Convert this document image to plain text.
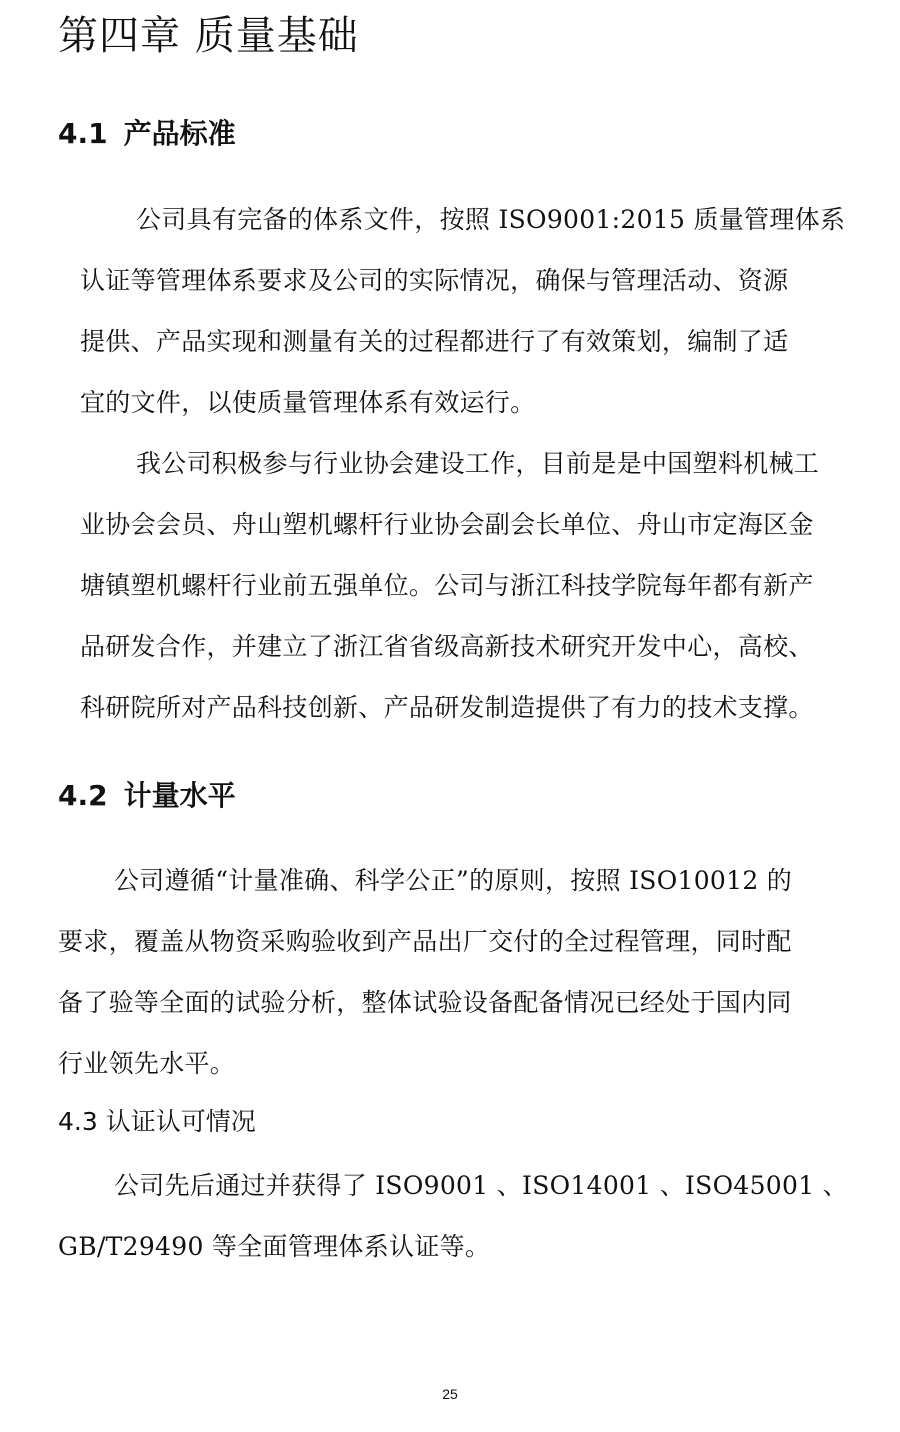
第四章 质量基础
4.1 产品标准
公司具有完备的体系文件，按照 ISO9001:2015 质量管理体系
认证等管理体系要求及公司的实际情况，确保与管理活动、资源
提供、产品实现和测量有关的过程都进行了有效策划，编制了适
宜的文件，以使质量管理体系有效运行。
我公司积极参与行业协会建设工作，目前是是中国塑料机械工
业协会会员、舟山塑机螺杆行业协会副会长单位、舟山市定海区金
塘镇塑机螺杆行业前五强单位。公司与浙江科技学院每年都有新产
品研发合作，并建立了浙江省省级高新技术研究开发中心，高校、
科研院所对产品科技创新、产品研发制造提供了有力的技术支撑。
4.2 计量水平
公司遵循“计量准确、科学公正”的原则，按照 ISO10012 的
要求，覆盖从物资采购验收到产品出厂交付的全过程管理，同时配
备了验等全面的试验分析，整体试验设备配备情况已经处于国内同
行业领先水平。
4.3 认证认可情况
公司先后通过并获得了 ISO9001 、ISO14001 、ISO45001 、
GB/T29490 等全面管理体系认证等。
25
